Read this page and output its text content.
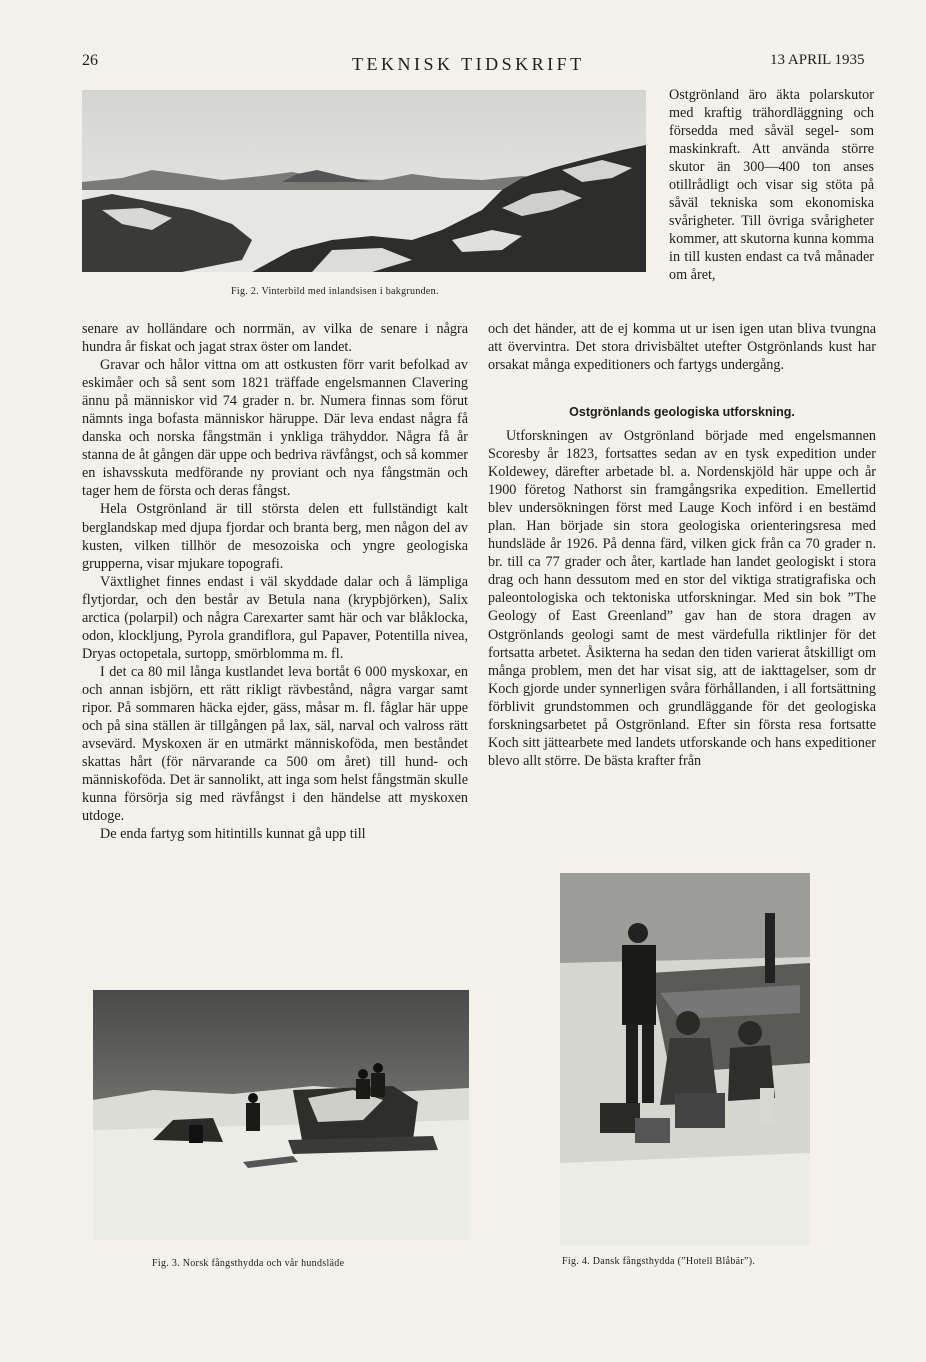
26	TEKNISK TIDSKRIFT	13 APRIL 1935
Fig. 2. Vinterbild med inlandsisen i bakgrunden.

senare av holländare och norrmän, av vilka de senare i några hundra år fiskat och jagat strax öster om landet.

Gravar och hålor vittna om att ostkusten förr varit befolkad av eskimåer och så sent som 1821 träffade engelsmannen Clavering ännu på människor vid 74 grader n. br. Numera finnas som förut nämnts inga bofasta människor häruppe. Där leva endast några få danska och norska fångstmän i ynkliga trähyddor. Några få år stanna de åt gången där uppe och bedriva rävfångst, och så kommer en ishavsskuta medförande ny proviant och nya fångstmän och tager hem de första och deras fångst.

Hela Ostgrönland är till största delen ett fullständigt kalt berglandskap med djupa fjordar och branta berg, men någon del av kusten, vilken tillhör de mesozoiska och yngre geologiska grupperna, visar mjukare topografi.

Växtlighet finnes endast i väl skyddade dalar och å lämpliga flytjordar, och den består av Betula nana (krypbjörken), Salix arctica (polarpil) och några Carexarter samt här och var blåklocka, odon, klockljung, Pyrola grandiflora, gul Papaver, Potentilla nivea, Dryas octopetala, surtopp, smörblomma m. fl.

I det ca 80 mil långa kustlandet leva bortåt 6 000 myskoxar, en och annan isbjörn, ett rätt rikligt rävbestånd, några vargar samt ripor. På sommaren häcka ejder, gäss, måsar m. fl. fåglar här uppe och på sina ställen är tillgången på lax, säl, narval och valross rätt avsevärd. Myskoxen är en utmärkt människoföda, men beståndet skattas hårt (för närvarande ca 500 om året) till hund- och människoföda. Det är sannolikt, att inga som helst fångstmän skulle kunna försörja sig med rävfångst i den händelse att myskoxen utdoge.

De enda fartyg som hitintills kunnat gå upp till

Ostgrönland äro äkta polarskutor med kraftig trähordläggning och försedda med såväl segel- som maskinkraft. Att använda större skutor än 300—400 ton anses otillrådligt och visar sig stöta på såväl tekniska som ekonomiska svårigheter. Till övriga svårigheter kommer, att skutorna kunna komma in till kusten endast ca två månader om året,

och det händer, att de ej komma ut ur isen igen utan bliva tvungna att övervintra. Det stora drivisbältet utefter Ostgrönlands kust har orsakat många expeditioners och fartygs undergång.

Ostgrönlands geologiska utforskning.

Utforskningen av Ostgrönland började med engelsmannen Scoresby år 1823, fortsattes sedan av en tysk expedition under Koldewey, därefter arbetade bl. a. Nordenskjöld här uppe och år 1900 företog Nathorst sin framgångsrika expedition. Emellertid blev undersökningen först med Lauge Koch införd i en bestämd plan. Han började sin stora geologiska orienteringsresa med hundsläde år 1926. På denna färd, vilken gick från ca 70 grader n. br. till ca 77 grader och åter, kartlade han landet geologiskt i stora drag och hann dessutom med en stor del viktiga stratigrafiska och paleontologiska och tektoniska utforskningar. Med sin bok ”The Geology of East Greenland” gav han de stora dragen av Ostgrönlands geologi samt de mest värdefulla riktlinjer för det fortsatta arbetet. Åsikterna ha sedan den tiden varierat åtskilligt om många problem, men det har visat sig, att de iakttagelser, som dr Koch gjorde under synnerligen svåra förhållanden, i all fortsättning förblivit grundstommen och grundläggande för det geologiska forskningsarbetet på Ostgrönland. Efter sin första resa fortsatte Koch sitt jättearbete med landets utforskande och hans expeditioner blevo allt större. De bästa krafter från

Fig. 3. Norsk fångsthydda och vår hundsläde	Fig. 4. Dansk fångsthydda (”Hotell Blåbär”).
